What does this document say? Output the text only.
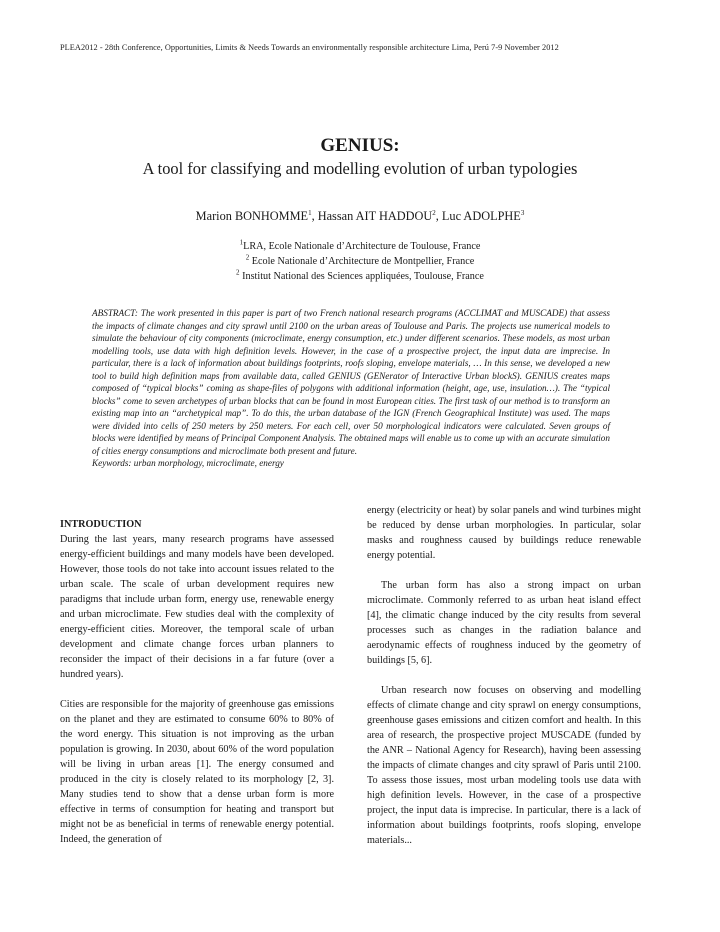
PLEA2012 - 28th Conference, Opportunities, Limits & Needs Towards an environmentally responsible architecture Lima, Perú 7-9 November 2012
GENIUS:
A tool for classifying and modelling evolution of urban typologies
Marion BONHOMME$^1$, Hassan AIT HADDOU$^2$, Luc ADOLPHE$^3$
$^1$LRA, Ecole Nationale d’Architecture de Toulouse, France
$^2$ Ecole Nationale d’Architecture de Montpellier, France
$^2$ Institut National des Sciences appliquées, Toulouse, France
ABSTRACT: The work presented in this paper is part of two French national research programs (ACCLIMAT and MUSCADE) that assess the impacts of climate changes and city sprawl until 2100 on the urban areas of Toulouse and Paris. The projects use numerical models to simulate the behaviour of city components (microclimate, energy consumption, etc.) under different scenarios. These models, as most urban modelling tools, use data with high definition levels. However, in the case of a prospective project, the input data are imprecise. In particular, there is a lack of information about buildings footprints, roofs sloping, envelope materials, … In this sense, we developed a new tool to build high definition maps from available data, called GENIUS (GENerator of Interactive Urban blockS). GENIUS creates maps composed of “typical blocks” coming as shape-files of polygons with additional information (height, age, use, insulation…). The “typical blocks” come to seven archetypes of urban blocks that can be found in most European cities. The first task of our method is to transform an existing map into an “archetypical map”. To do this, the urban database of the IGN (French Geographical Institute) was used. The maps were divided into cells of 250 meters by 250 meters. For each cell, over 50 morphological indicators were calculated. Seven groups of blocks were identified by means of Principal Component Analysis. The obtained maps will enable us to come up with an accurate simulation of cities energy consumptions and microclimate both present and future.
Keywords: urban morphology, microclimate, energy
INTRODUCTION

During the last years, many research programs have assessed energy-efficient buildings and many models have been developed. However, those tools do not take into account issues related to the urban scale. The scale of urban development requires new paradigms that include urban form, energy use, renewable energy and urban microclimate. Few studies deal with the complexity of energy-efficient cities. Moreover, the temporal scale of urban development and climate change forces urban planners to reconsider the impact of their decisions in a far future (over a hundred years).

Cities are responsible for the majority of greenhouse gas emissions on the planet and they are estimated to consume 60% to 80% of the word energy. This situation is not improving as the urban population is growing. In 2030, about 60% of the word population will be living in urban areas [1]. The energy consumed and produced in the city is closely related to its morphology [2, 3]. Many studies tend to show that a dense urban form is more effective in terms of consumption for heating and transport but might not be as beneficial in terms of renewable energy potential. Indeed, the generation of

energy (electricity or heat) by solar panels and wind turbines might be reduced by dense urban morphologies. In particular, solar masks and roughness caused by buildings reduce renewable energy potential.

The urban form has also a strong impact on urban microclimate. Commonly referred to as urban heat island effect [4], the climatic change induced by the city results from several processes such as changes in the radiation balance and aerodynamic effects of roughness induced by the geometry of buildings [5, 6].

Urban research now focuses on observing and modelling effects of climate change and city sprawl on energy consumptions, greenhouse gases emissions and citizen comfort and health. In this area of research, the prospective project MUSCADE (funded by the ANR – National Agency for Research), having been assessing the impacts of climate changes and city sprawl of Paris until 2100. To assess those issues, most urban modeling tools use data with high definition levels. However, in the case of a prospective project, the input data is imprecise. In particular, there is a lack of information about buildings footprints, roofs sloping, envelope materials...
